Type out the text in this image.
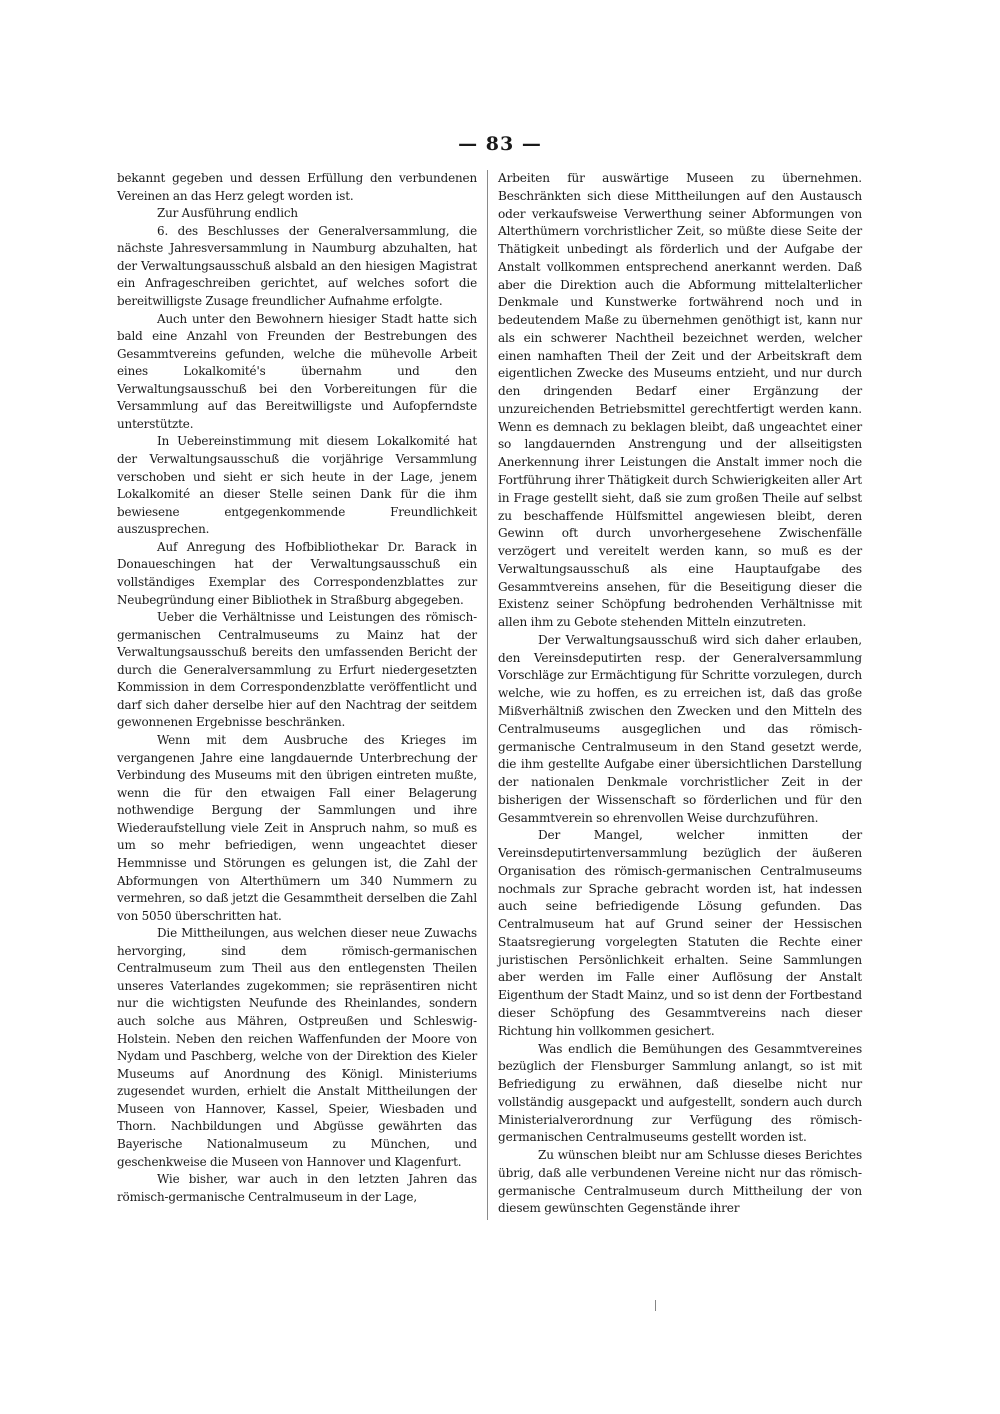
— 83 —

bekannt gegeben und dessen Erfüllung den verbundenen Vereinen an das Herz gelegt worden ist.

Zur Ausführung endlich

6. des Beschlusses der Generalversammlung, die nächste Jahresversammlung in Naumburg abzuhalten, hat der Verwaltungsausschuß alsbald an den hiesigen Magistrat ein Anfrageschreiben gerichtet, auf welches sofort die bereitwilligste Zusage freundlicher Aufnahme erfolgte.

Auch unter den Bewohnern hiesiger Stadt hatte sich bald eine Anzahl von Freunden der Bestrebungen des Gesammtvereins gefunden, welche die mühevolle Arbeit eines Lokalkomité's übernahm und den Verwaltungsausschuß bei den Vorbereitungen für die Versammlung auf das Bereitwilligste und Aufopferndste unterstützte.

In Uebereinstimmung mit diesem Lokalkomité hat der Verwaltungsausschuß die vorjährige Versammlung verschoben und sieht er sich heute in der Lage, jenem Lokalkomité an dieser Stelle seinen Dank für die ihm bewiesene entgegenkommende Freundlichkeit auszusprechen.

Auf Anregung des Hofbibliothekar Dr. Barack in Donaueschingen hat der Verwaltungsausschuß ein vollständiges Exemplar des Correspondenzblattes zur Neubegründung einer Bibliothek in Straßburg abgegeben.

Ueber die Verhältnisse und Leistungen des römisch-germanischen Centralmuseums zu Mainz hat der Verwaltungsausschuß bereits den umfassenden Bericht der durch die Generalversammlung zu Erfurt niedergesetzten Kommission in dem Correspondenzblatte veröffentlicht und darf sich daher derselbe hier auf den Nachtrag der seitdem gewonnenen Ergebnisse beschränken.

Wenn mit dem Ausbruche des Krieges im vergangenen Jahre eine langdauernde Unterbrechung der Verbindung des Museums mit den übrigen eintreten mußte, wenn die für den etwaigen Fall einer Belagerung nothwendige Bergung der Sammlungen und ihre Wiederaufstellung viele Zeit in Anspruch nahm, so muß es um so mehr befriedigen, wenn ungeachtet dieser Hemmnisse und Störungen es gelungen ist, die Zahl der Abformungen von Alterthümern um 340 Nummern zu vermehren, so daß jetzt die Gesammtheit derselben die Zahl von 5050 überschritten hat.

Die Mittheilungen, aus welchen dieser neue Zuwachs hervorging, sind dem römisch-germanischen Centralmuseum zum Theil aus den entlegensten Theilen unseres Vaterlandes zugekommen; sie repräsentiren nicht nur die wichtigsten Neufunde des Rheinlandes, sondern auch solche aus Mähren, Ostpreußen und Schleswig-Holstein. Neben den reichen Waffenfunden der Moore von Nydam und Paschberg, welche von der Direktion des Kieler Museums auf Anordnung des Königl. Ministeriums zugesendet wurden, erhielt die Anstalt Mittheilungen der Museen von Hannover, Kassel, Speier, Wiesbaden und Thorn. Nachbildungen und Abgüsse gewährten das Bayerische Nationalmuseum zu München, und geschenkweise die Museen von Hannover und Klagenfurt.

Wie bisher, war auch in den letzten Jahren das römisch-germanische Centralmuseum in der Lage,

Arbeiten für auswärtige Museen zu übernehmen. Beschränkten sich diese Mittheilungen auf den Austausch oder verkaufsweise Verwerthung seiner Abformungen von Alterthümern vorchristlicher Zeit, so müßte diese Seite der Thätigkeit unbedingt als förderlich und der Aufgabe der Anstalt vollkommen entsprechend anerkannt werden. Daß aber die Direktion auch die Abformung mittelalterlicher Denkmale und Kunstwerke fortwährend noch und in bedeutendem Maße zu übernehmen genöthigt ist, kann nur als ein schwerer Nachtheil bezeichnet werden, welcher einen namhaften Theil der Zeit und der Arbeitskraft dem eigentlichen Zwecke des Museums entzieht, und nur durch den dringenden Bedarf einer Ergänzung der unzureichenden Betriebsmittel gerechtfertigt werden kann. Wenn es demnach zu beklagen bleibt, daß ungeachtet einer so langdauernden Anstrengung und der allseitigsten Anerkennung ihrer Leistungen die Anstalt immer noch die Fortführung ihrer Thätigkeit durch Schwierigkeiten aller Art in Frage gestellt sieht, daß sie zum großen Theile auf selbst zu beschaffende Hülfsmittel angewiesen bleibt, deren Gewinn oft durch unvorhergesehene Zwischenfälle verzögert und vereitelt werden kann, so muß es der Verwaltungsausschuß als eine Hauptaufgabe des Gesammtvereins ansehen, für die Beseitigung dieser die Existenz seiner Schöpfung bedrohenden Verhältnisse mit allen ihm zu Gebote stehenden Mitteln einzutreten.

Der Verwaltungsausschuß wird sich daher erlauben, den Vereinsdeputirten resp. der Generalversammlung Vorschläge zur Ermächtigung für Schritte vorzulegen, durch welche, wie zu hoffen, es zu erreichen ist, daß das große Mißverhältniß zwischen den Zwecken und den Mitteln des Centralmuseums ausgeglichen und das römisch-germanische Centralmuseum in den Stand gesetzt werde, die ihm gestellte Aufgabe einer übersichtlichen Darstellung der nationalen Denkmale vorchristlicher Zeit in der bisherigen der Wissenschaft so förderlichen und für den Gesammtverein so ehrenvollen Weise durchzuführen.

Der Mangel, welcher inmitten der Vereinsdeputirtenversammlung bezüglich der äußeren Organisation des römisch-germanischen Centralmuseums nochmals zur Sprache gebracht worden ist, hat indessen auch seine befriedigende Lösung gefunden. Das Centralmuseum hat auf Grund seiner der Hessischen Staatsregierung vorgelegten Statuten die Rechte einer juristischen Persönlichkeit erhalten. Seine Sammlungen aber werden im Falle einer Auflösung der Anstalt Eigenthum der Stadt Mainz, und so ist denn der Fortbestand dieser Schöpfung des Gesammtvereins nach dieser Richtung hin vollkommen gesichert.

Was endlich die Bemühungen des Gesammtvereines bezüglich der Flensburger Sammlung anlangt, so ist mit Befriedigung zu erwähnen, daß dieselbe nicht nur vollständig ausgepackt und aufgestellt, sondern auch durch Ministerialverordnung zur Verfügung des römisch-germanischen Centralmuseums gestellt worden ist.

Zu wünschen bleibt nur am Schlusse dieses Berichtes übrig, daß alle verbundenen Vereine nicht nur das römisch-germanische Centralmuseum durch Mittheilung der von diesem gewünschten Gegenstände ihrer
